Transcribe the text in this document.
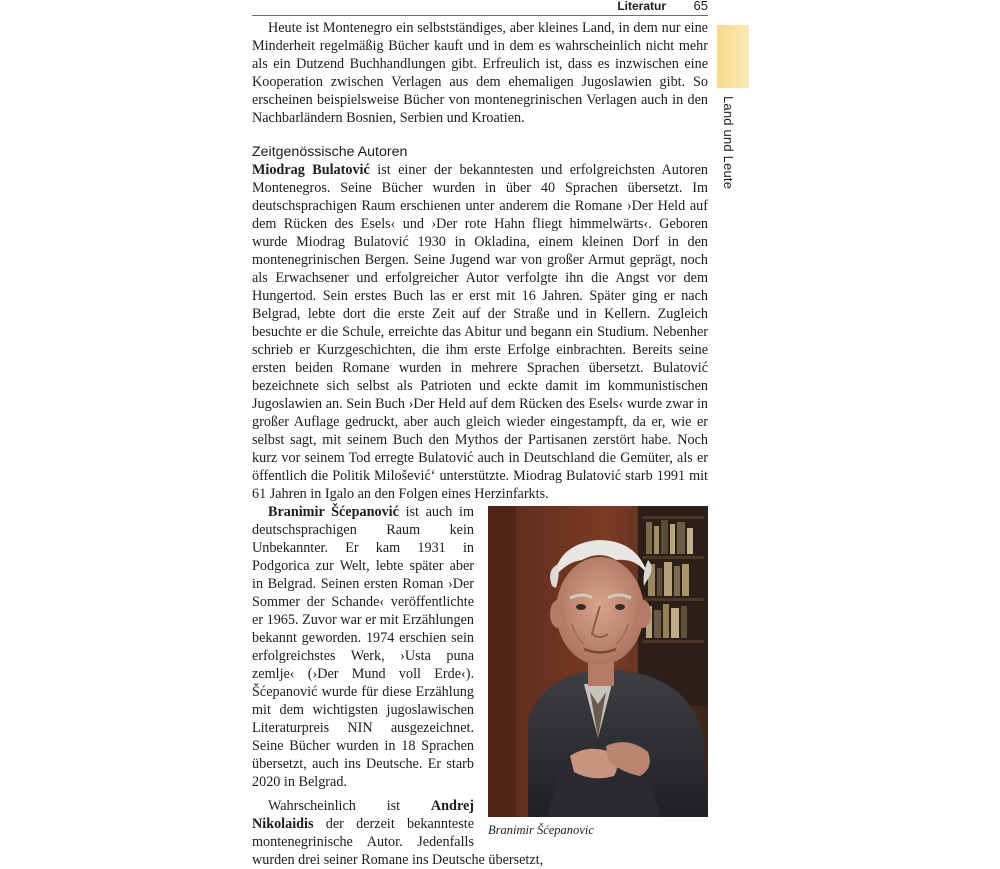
Literatur 65
Land und Leute

Heute ist Montenegro ein selbstständiges, aber kleines Land, in dem nur eine Minderheit regelmäßig Bücher kauft und in dem es wahrscheinlich nicht mehr als ein Dutzend Buchhandlungen gibt. Erfreulich ist, dass es inzwischen eine Kooperation zwischen Verlagen aus dem ehemaligen Jugoslawien gibt. So erscheinen beispielsweise Bücher von montenegrinischen Verlagen auch in den Nachbarländern Bosnien, Serbien und Kroatien.

Zeitgenössische Autoren

Miodrag Bulatović ist einer der bekanntesten und erfolgreichsten Autoren Montenegros. Seine Bücher wurden in über 40 Sprachen übersetzt. Im deutschsprachigen Raum erschienen unter anderem die Romane ›Der Held auf dem Rücken des Esels‹ und ›Der rote Hahn fliegt himmelwärts‹. Geboren wurde Miodrag Bulatović 1930 in Okladina, einem kleinen Dorf in den montenegrinischen Bergen. Seine Jugend war von großer Armut geprägt, noch als Erwachsener und erfolgreicher Autor verfolgte ihn die Angst vor dem Hungertod. Sein erstes Buch las er erst mit 16 Jahren. Später ging er nach Belgrad, lebte dort die erste Zeit auf der Straße und in Kellern. Zugleich besuchte er die Schule, erreichte das Abitur und begann ein Studium. Nebenher schrieb er Kurzgeschichten, die ihm erste Erfolge einbrachten. Bereits seine ersten beiden Romane wurden in mehrere Sprachen übersetzt. Bulatović bezeichnete sich selbst als Patrioten und eckte damit im kommunistischen Jugoslawien an. Sein Buch ›Der Held auf dem Rücken des Esels‹ wurde zwar in großer Auflage gedruckt, aber auch gleich wieder eingestampft, da er, wie er selbst sagt, mit seinem Buch den Mythos der Partisanen zerstört habe. Noch kurz vor seinem Tod erregte Bulatović auch in Deutschland die Gemüter, als er öffentlich die Politik Miloševićʻ unterstützte. Miodrag Bulatović starb 1991 mit 61 Jahren in Igalo an den Folgen eines Herzinfarkts.

Branimir Šćepanovic

Branimir Šćepanović ist auch im deutschsprachigen Raum kein Unbekannter. Er kam 1931 in Podgorica zur Welt, lebte später aber in Belgrad. Seinen ersten Roman ›Der Sommer der Schande‹ veröffentlichte er 1965. Zuvor war er mit Erzählungen bekannt geworden. 1974 erschien sein erfolgreichstes Werk, ›Usta puna zemlje‹ (›Der Mund voll Erde‹). Šćepanović wurde für diese Erzählung mit dem wichtigsten jugoslawischen Literaturpreis NIN ausgezeichnet. Seine Bücher wurden in 18 Sprachen übersetzt, auch ins Deutsche. Er starb 2020 in Belgrad.

Wahrscheinlich ist Andrej Nikolaidis der derzeit bekannteste montenegrinische Autor. Jedenfalls wurden drei seiner Romane ins Deutsche übersetzt,
